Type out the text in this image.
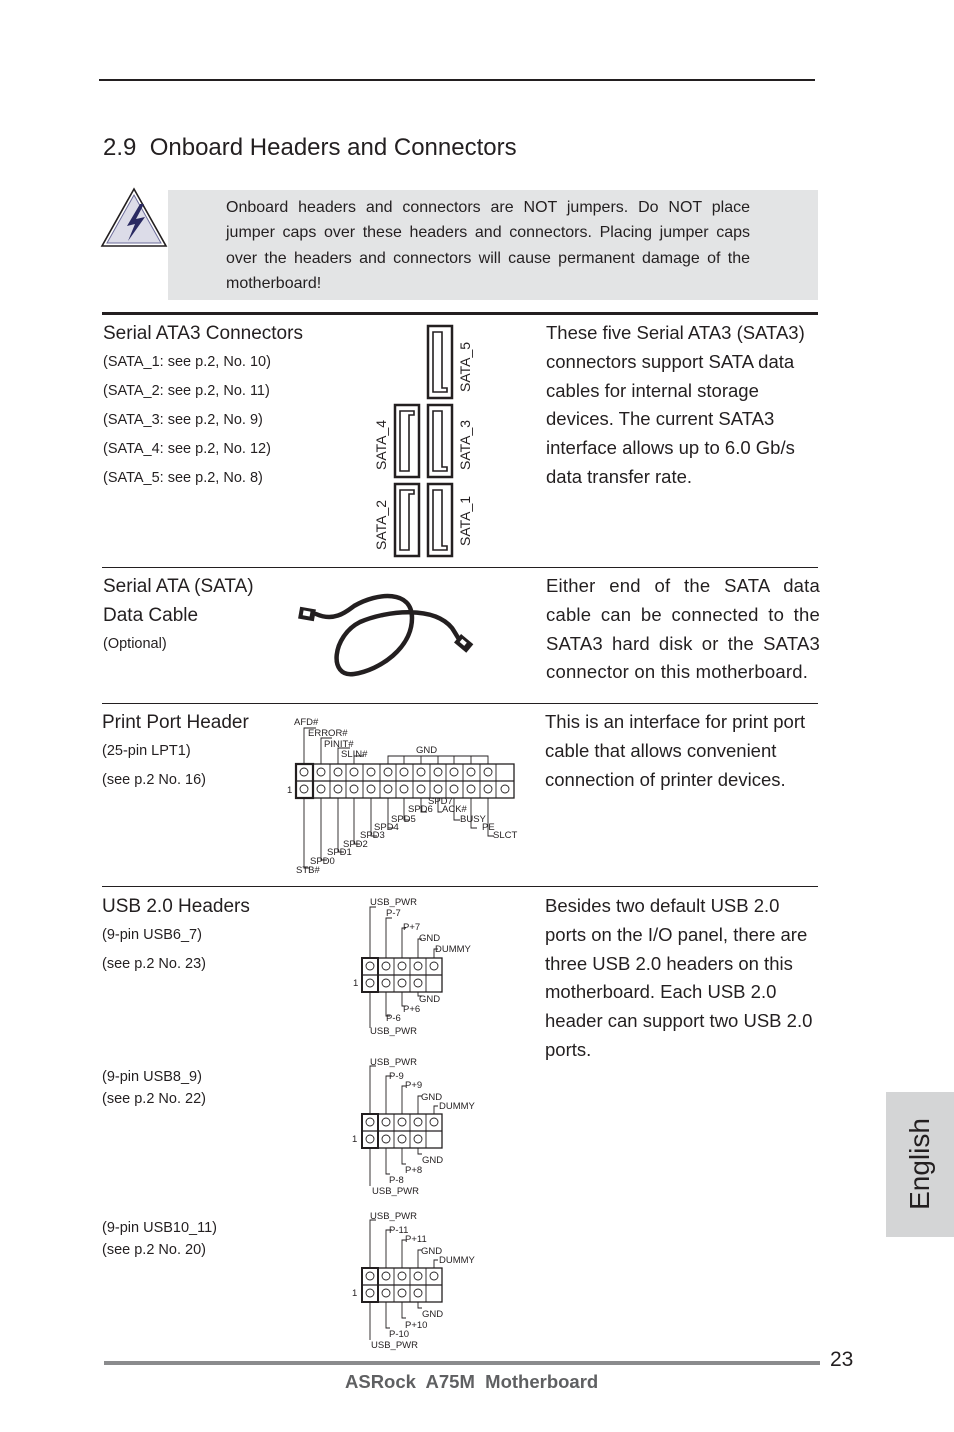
2.9 Onboard Headers and Connectors
Onboard headers and connectors are NOT jumpers. Do NOT place jumper caps over these headers and connectors. Placing jumper caps over the headers and connectors will cause permanent damage of the motherboard!
Serial ATA3 Connectors
(SATA_1: see p.2, No. 10)
(SATA_2: see p.2, No. 11)
(SATA_3: see p.2, No. 9)
(SATA_4: see p.2, No. 12)
(SATA_5: see p.2, No. 8)
SATA_5
SATA_4	SATA_3
SATA_2	SATA_1
These five Serial ATA3 (SATA3) connectors support SATA data cables for internal storage devices. The current SATA3 interface allows up to 6.0 Gb/s data transfer rate.
Serial ATA (SATA)
Data Cable
(Optional)
Either end of the SATA data cable can be connected to the SATA3 hard disk or the SATA3 connector on this motherboard.
Print Port Header
(25-pin LPT1)
(see p.2 No. 16)
AFD#
ERROR#
PINIT#
SLIN#	GND
1
SPD7
SPD6 ACK#
SPD5	BUSY
SPD4	PE
SPD3	SLCT
SPD2
SPD1
SPD0
STB#
This is an interface for print port cable that allows convenient connection of printer devices.
USB 2.0 Headers
(9-pin USB6_7)
(see p.2 No. 23)
(9-pin USB8_9)
(see p.2 No. 22)
(9-pin USB10_11)
(see p.2 No. 20)
Besides two default USB 2.0 ports on the I/O panel, there are three USB 2.0 headers on this motherboard. Each USB 2.0 header can support two USB 2.0 ports.
USB_PWR
P-7
P+7
GND
DUMMY
1
GND
P+6
P-6
USB_PWR
USB_PWR
P-9
P+9
GND
DUMMY
1
GND
P+8
P-8
USB_PWR
USB_PWR
P-11
P+11
GND
DUMMY
1
GND
P+10
P-10
USB_PWR
English
23
ASRock  A75M  Motherboard
